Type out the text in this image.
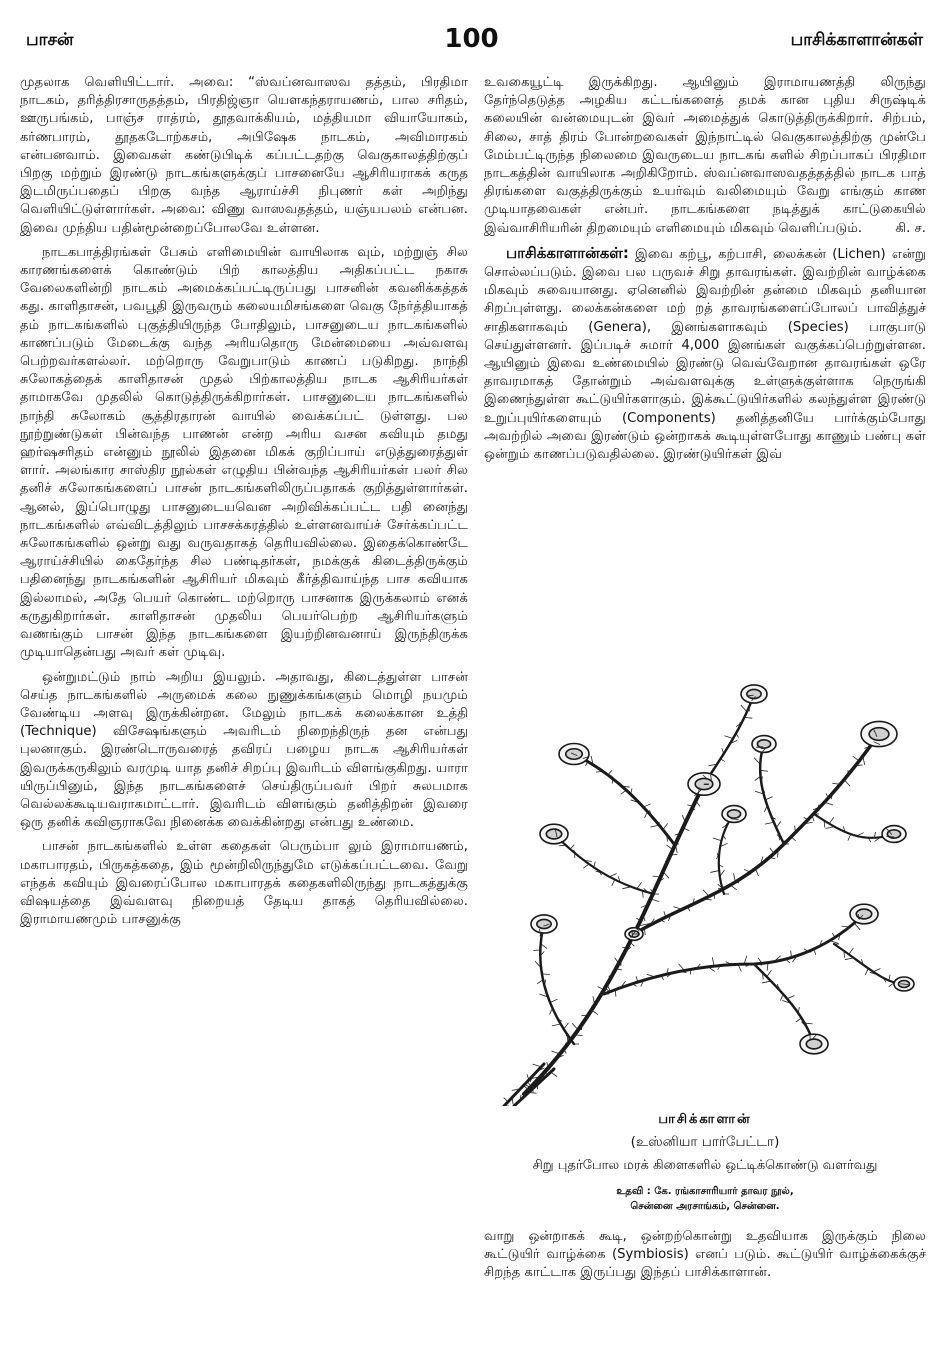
பாசன்	100	பாசிக்காளான்கள்

முதலாக வெளியிட்டார். அவை: “ஸ்வப்னவாஸவ தத்தம், பிரதிமா நாடகம், தரித்திரசாருதத்தம், பிரதிஜ்ஞா யௌகந்தராயணம், பால சரிதம், ஊருபங்கம், பாஞ்ச ராத்ரம், தூதவாக்கியம், மத்தியமா வியாயோகம், கர்ணபாரம், தூதகடோற்கசம், அபிஷேக நாடகம், அவிமாரகம் என்பனவாம். இவைகள் கண்டுபிடிக் கப்பட்டதற்கு வெகுகாலத்திற்குப் பிறகு மற்றும் இரண்டு நாடகங்களுக்குப் பாசனையே ஆசிரியராகக் கருத இடமிருப்பதைப் பிறகு வந்த ஆராய்ச்சி நிபுணர் கள் அறிந்து வெளியிட்டுள்ளார்கள். அவை: விணு வாஸவதத்தம், யஞ்யபலம் என்பன. இவை முந்திய பதின்மூன்றைப்போலவே உள்ளன.

நாடகபாத்திரங்கள் பேசும் எளிமையின் வாயிலாக வும், மற்றுஞ் சில காரணங்களைக் கொண்டும் பிற் காலத்திய அதிகப்பட்ட நகாசு வேலைகளின்றி நாடகம் அமைக்கப்பட்டிருப்பது பாசனின் கவனிக்கத்தக் கது. காளிதாசன், பவபூதி இருவரும் கலையமிசங்களை வெகு நேர்த்தியாகத் தம் நாடகங்களில் புகுத்தியிருந்த போதிலும், பாசனுடைய நாடகங்களில் காணப்படும் மேடைக்கு வந்த அரியதொரு மேன்மையை அவ்வளவு பெற்றவர்களல்லர். மற்றொரு வேறுபாடும் காணப் படுகிறது. நாந்தி சுலோகத்தைக் காளிதாசன் முதல் பிற்காலத்திய நாடக ஆசிரியர்கள் தாமாகவே முதலில் கொடுத்திருக்கிறார்கள். பாசனுடைய நாடகங்களில் நாந்தி சுலோகம் சூத்திரதாரன் வாயில் வைக்கப்பட் டுள்ளது. பல நூற்றுண்டுகள் பின்வந்த பாணன் என்ற அரிய வசன கவியும் தமது ஹர்ஷசரிதம் என்னும் நூலில் இதனை மிகக் குறிப்பாய் எடுத்துரைத்துள் ளார். அலங்கார சாஸ்திர நூல்கள் எழுதிய பின்வந்த ஆசிரியர்கள் பலர் சில தனிச் சுலோகங்களைப் பாசன் நாடகங்களிலிருப்பதாகக் குறித்துள்ளார்கள். ஆனல், இப்பொழுது பாசனுடையவென அறிவிக்கப்பட்ட பதி னைந்து நாடகங்களில் எவ்விடத்திலும் பாசசக்கரத்தில் உள்ளனவாய்ச் சேர்க்கப்பட்ட சுலோகங்களில் ஒன்று வது வருவதாகத் தெரியவில்லை. இதைக்கொண்டே ஆராய்ச்சியில் கைதேர்ந்த சில பண்டிதர்கள், நமக்குக் கிடைத்திருக்கும் பதினைந்து நாடகங்களின் ஆசிரியர் மிகவும் கீர்த்திவாய்ந்த பாச கவியாக இல்லாமல், அதே பெயர் கொண்ட மற்றொரு பாசனாக இருக்கலாம் எனக் கருதுகிறார்கள். காளிதாசன் முதலிய பெயர்பெற்ற ஆசிரியர்களும் வணங்கும் பாசன் இந்த நாடகங்களை இயற்றினவனாய் இருந்திருக்க முடியாதென்பது அவர் கள் முடிவு.

ஒன்றுமட்டும் நாம் அறிய இயலும். அதாவது, கிடைத்துள்ள பாசன் செய்த நாடகங்களில் அருமைக் கலை நுணுக்கங்களும் மொழி நயமும் வேண்டிய அளவு இருக்கின்றன. மேலும் நாடகக் கலைக்கான உத்தி (Technique) விசேஷங்களும் அவரிடம் நிறைந்திருந் தன என்பது புலனாகும். இரண்டொருவரைத் தவிரப் பழைய நாடக ஆசிரியர்கள் இவருக்கருகிலும் வரமுடி யாத தனிச் சிறப்பு இவரிடம் விளங்குகிறது. யாரா யிருப்பினும், இந்த நாடகங்களைச் செய்திருப்பவர் பிறர் சுலபமாக வெல்லக்கூடியவராகமாட்டார். இவரிடம் விளங்கும் தனித்திறன் இவரை ஒரு தனிக் கவிஞராகவே நினைக்க வைக்கின்றது என்பது உண்மை.

பாசன் நாடகங்களில் உள்ள கதைகள் பெரும்பா லும் இராமாயணம், மகாபாரதம், பிருகத்கதை, இம் மூன்றிலிருந்துமே எடுக்கப்பட்டவை. வேறு எந்தக் கவியும் இவரைப்போல மகாபாரதக் கதைகளிலிருந்து நாடகத்துக்கு விஷயத்தை இவ்வளவு நிறையத் தேடிய தாகத் தெரியவில்லை. இராமாயணமும் பாசனுக்கு

உவகையூட்டி இருக்கிறது. ஆயினும் இராமாயணத்தி லிருந்து தேர்ந்தெடுத்த அழகிய கட்டங்களைத் தமக் கான புதிய சிருஷ்டிக் கலையின் வன்மையுடன் இவர் அமைத்துக் கொடுத்திருக்கிறார். சிற்பம், சிலை, சாத் திரம் போன்றவைகள் இந்நாட்டில் வெகுகாலத்திற்கு முன்பே மேம்பட்டிருந்த நிலைமை இவருடைய நாடகங் களில் சிறப்பாகப் பிரதிமா நாடகத்தின் வாயிலாக அறிகிறோம். ஸ்வப்னவாஸவதத்தத்தில் நாடக பாத் திரங்களை வகுத்திருக்கும் உயர்வும் வலிமையும் வேறு எங்கும் காண முடியாதவைகள் என்பர். நாடகங்களை நடித்துக் காட்டுகையில் இவ்வாசிரியரின் திறமையும் எளிமையும் மிகவும் வெளிப்படும்.	கி. ச.

பாசிக்காளான்கள்: இவை கற்பூ, கற்பாசி, லைக்கன் (Lichen) என்று சொல்லப்படும். இவை பல பருவச் சிறு தாவரங்கள். இவற்றின் வாழ்க்கை மிகவும் சுவையானது. ஏனெனில் இவற்றின் தன்மை மிகவும் தனியான சிறப்புள்ளது. லைக்கன்களை மற் றத் தாவரங்களைப்போலப் பாவித்துச் சாதிகளாகவும் (Genera), இனங்களாகவும் (Species) பாகுபாடு செய்துள்ளனர். இப்படிச் சுமார் 4,000 இனங்கள் வகுக்கப்பெற்றுள்ளன. ஆயினும் இவை உண்மையில் இரண்டு வெவ்வேறான தாவரங்கள் ஒரே தாவரமாகத் தோன்றும் அவ்வளவுக்கு உள்ளுக்குள்ளாக நெருங்கி இணைந்துள்ள கூட்டுயிர்களாகும். இக்கூட்டுயிர்களில் கலந்துள்ள இரண்டு உறுப்புயிர்களையும் (Components) தனித்தனியே பார்க்கும்போது அவற்றில் அவை இரண்டும் ஒன்றாகக் கூடியுள்ளபோது காணும் பண்பு கள் ஒன்றும் காணப்படுவதில்லை. இரண்டுயிர்கள் இவ்

பாசிக்காளான்
(உஸ்னியா பார்பேட்டா)
சிறு புதர்போல மரக் கிளைகளில் ஒட்டிக்கொண்டு வளர்வது
உதவி : கே. ரங்காசாரியார் தாவர நூல்,
சென்னை அரசாங்கம், சென்னை.

வாறு ஒன்றாகக் கூடி, ஒன்றற்கொன்று உதவியாக இருக்கும் நிலை கூட்டுயிர் வாழ்க்கை (Symbiosis) எனப் படும். கூட்டுயிர் வாழ்க்கைக்குச் சிறந்த காட்டாக இருப்பது இந்தப் பாசிக்காளான்.
